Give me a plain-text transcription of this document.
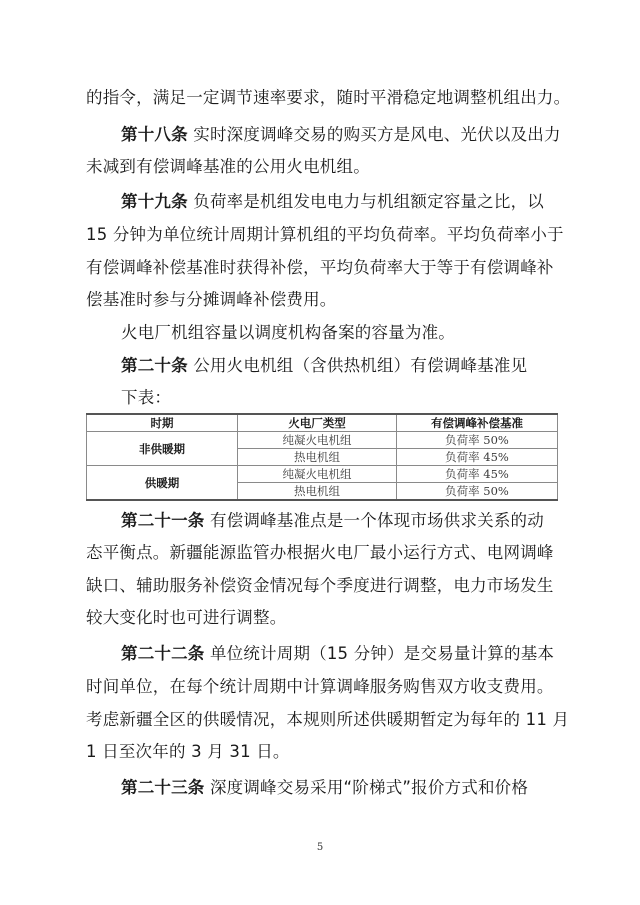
的指令，满足一定调节速率要求，随时平滑稳定地调整机组出力。
第十八条 实时深度调峰交易的购买方是风电、光伏以及出力
未减到有偿调峰基准的公用火电机组。
第十九条 负荷率是机组发电电力与机组额定容量之比，以
15 分钟为单位统计周期计算机组的平均负荷率。平均负荷率小于
有偿调峰补偿基准时获得补偿，平均负荷率大于等于有偿调峰补
偿基准时参与分摊调峰补偿费用。
火电厂机组容量以调度机构备案的容量为准。
第二十条 公用火电机组（含供热机组）有偿调峰基准见
下表：
时期	火电厂类型	有偿调峰补偿基准
非供暖期	纯凝火电机组	负荷率 50%
	热电机组	负荷率 45%
供暖期	纯凝火电机组	负荷率 45%
	热电机组	负荷率 50%
第二十一条 有偿调峰基准点是一个体现市场供求关系的动
态平衡点。新疆能源监管办根据火电厂最小运行方式、电网调峰
缺口、辅助服务补偿资金情况每个季度进行调整，电力市场发生
较大变化时也可进行调整。
第二十二条 单位统计周期（15 分钟）是交易量计算的基本
时间单位，在每个统计周期中计算调峰服务购售双方收支费用。
考虑新疆全区的供暖情况，本规则所述供暖期暂定为每年的 11 月
1 日至次年的 3 月 31 日。
第二十三条 深度调峰交易采用“阶梯式”报价方式和价格
5
